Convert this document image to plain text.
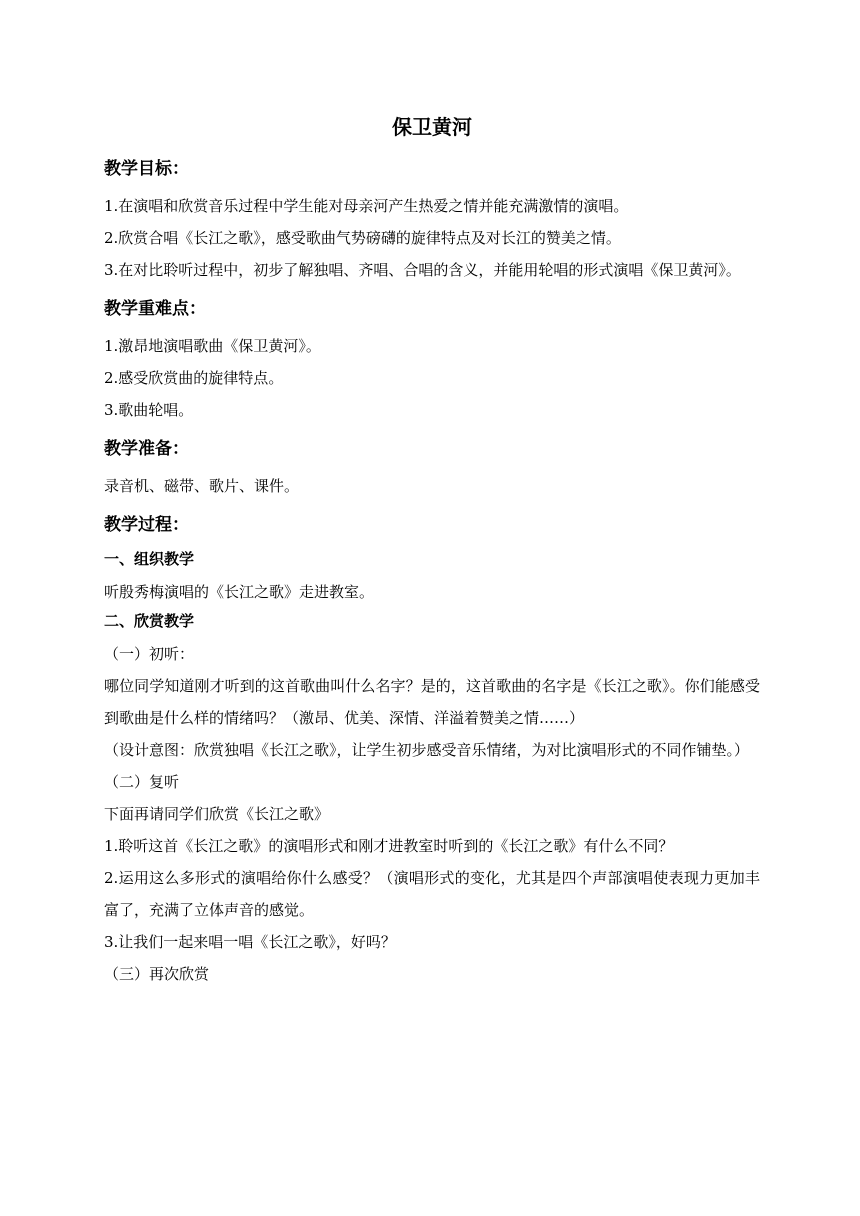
保卫黄河
教学目标：

1.在演唱和欣赏音乐过程中学生能对母亲河产生热爱之情并能充满激情的演唱。

2.欣赏合唱《长江之歌》，感受歌曲气势磅礴的旋律特点及对长江的赞美之情。

3.在对比聆听过程中，初步了解独唱、齐唱、合唱的含义，并能用轮唱的形式演唱《保卫黄河》。

教学重难点：

1.激昂地演唱歌曲《保卫黄河》。

2.感受欣赏曲的旋律特点。

3.歌曲轮唱。

教学准备：

录音机、磁带、歌片、课件。

教学过程：
一、组织教学

听殷秀梅演唱的《长江之歌》走进教室。

二、欣赏教学

（一）初听：

哪位同学知道刚才听到的这首歌曲叫什么名字？是的，这首歌曲的名字是《长江之歌》。你们能感受到歌曲是什么样的情绪吗？（激昂、优美、深情、洋溢着赞美之情……）

（设计意图：欣赏独唱《长江之歌》，让学生初步感受音乐情绪，为对比演唱形式的不同作铺垫。）

（二）复听

下面再请同学们欣赏《长江之歌》

1.聆听这首《长江之歌》的演唱形式和刚才进教室时听到的《长江之歌》有什么不同？

2.运用这么多形式的演唱给你什么感受？（演唱形式的变化，尤其是四个声部演唱使表现力更加丰富了，充满了立体声音的感觉。

3.让我们一起来唱一唱《长江之歌》，好吗？

（三）再次欣赏
